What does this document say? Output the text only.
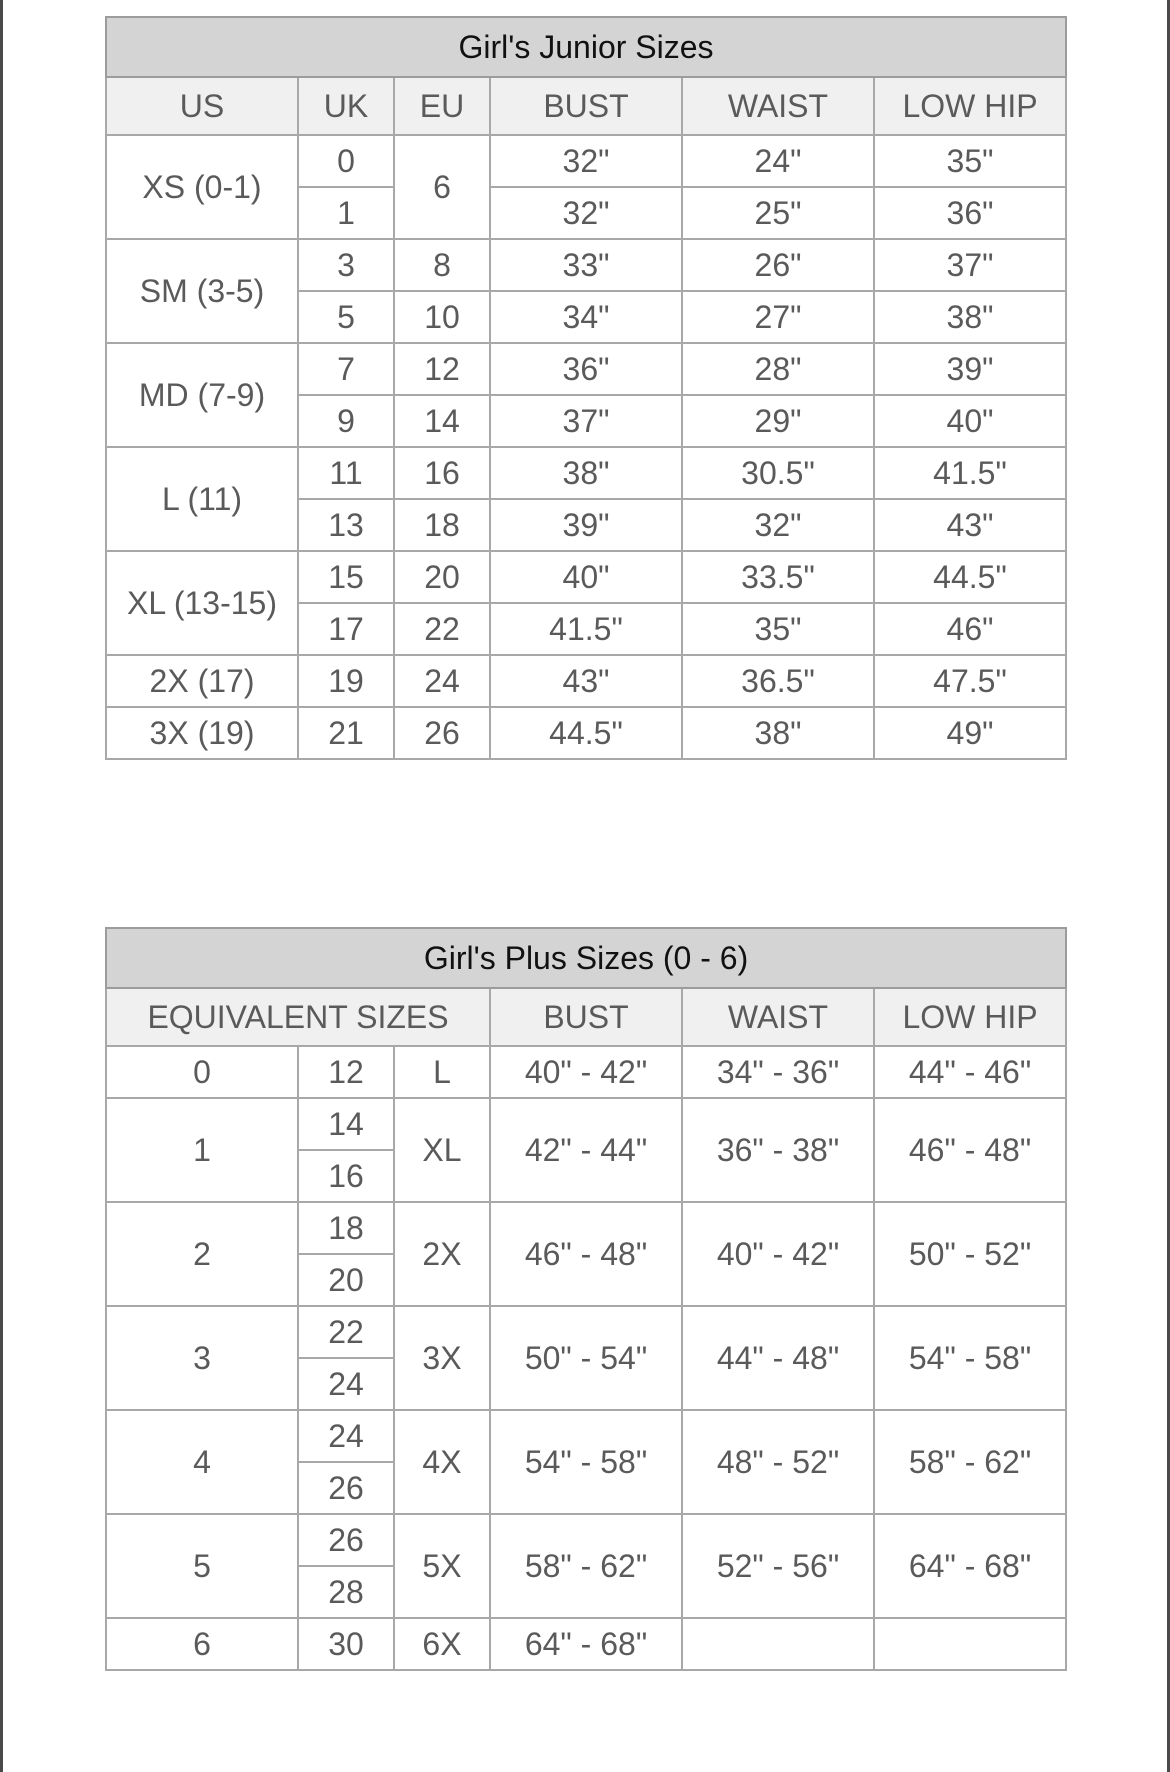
Girl's Junior Sizes					
US	UK	EU	BUST	WAIST	LOW HIP
XS (0-1)	0	6	32"	24"	35"
	1		32"	25"	36"
SM (3-5)	3	8	33"	26"	37"
	5	10	34"	27"	38"
MD (7-9)	7	12	36"	28"	39"
	9	14	37"	29"	40"
L (11)	11	16	38"	30.5"	41.5"
	13	18	39"	32"	43"
XL (13-15)	15	20	40"	33.5"	44.5"
	17	22	41.5"	35"	46"
2X (17)	19	24	43"	36.5"	47.5"
3X (19)	21	26	44.5"	38"	49"
Girl's Plus Sizes (0 - 6)					
EQUIVALENT SIZES			BUST	WAIST	LOW HIP
0	12	L	40" - 42"	34" - 36"	44" - 46"
1	14	XL	42" - 44"	36" - 38"	46" - 48"
	16				
2	18	2X	46" - 48"	40" - 42"	50" - 52"
	20				
3	22	3X	50" - 54"	44" - 48"	54" - 58"
	24				
4	24	4X	54" - 58"	48" - 52"	58" - 62"
	26				
5	26	5X	58" - 62"	52" - 56"	64" - 68"
	28				
6	30	6X	64" - 68"		
